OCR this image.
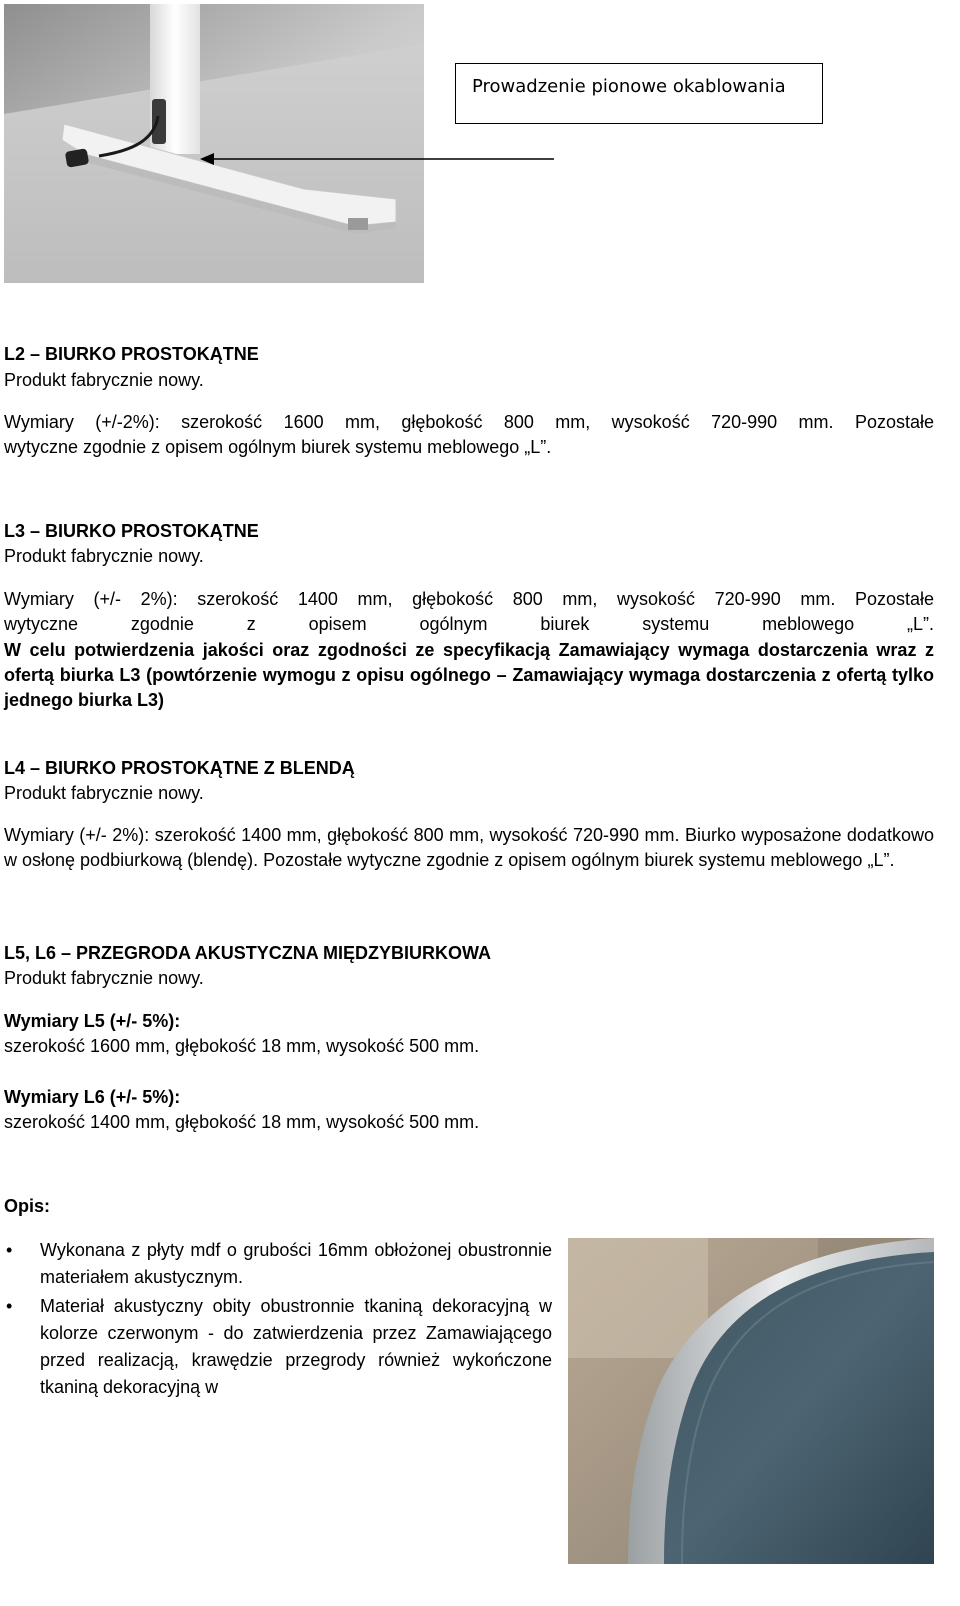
Prowadzenie pionowe okablowania

L2 – BIURKO PROSTOKĄTNE

Produkt fabrycznie nowy.

Wymiary (+/-2%): szerokość 1600 mm, głębokość 800 mm, wysokość 720-990 mm. Pozostałe

wytyczne zgodnie z opisem ogólnym biurek systemu meblowego „L”.

L3 – BIURKO PROSTOKĄTNE

Produkt fabrycznie nowy.

Wymiary (+/- 2%): szerokość 1400 mm, głębokość 800 mm, wysokość 720-990 mm. Pozostałe

wytyczne zgodnie z opisem ogólnym biurek systemu meblowego „L”.

W celu potwierdzenia jakości oraz zgodności ze specyfikacją Zamawiający wymaga dostarczenia wraz z ofertą biurka L3 (powtórzenie wymogu z opisu ogólnego – Zamawiający wymaga dostarczenia z ofertą tylko jednego biurka L3)

L4 – BIURKO PROSTOKĄTNE Z BLENDĄ

Produkt fabrycznie nowy.

Wymiary (+/- 2%): szerokość 1400 mm, głębokość 800 mm, wysokość 720-990 mm. Biurko wyposażone dodatkowo w osłonę podbiurkową (blendę). Pozostałe wytyczne zgodnie z opisem ogólnym biurek systemu meblowego „L”.

L5, L6 – PRZEGRODA AKUSTYCZNA MIĘDZYBIURKOWA

Produkt fabrycznie nowy.

Wymiary L5 (+/- 5%):

szerokość 1600 mm, głębokość 18 mm, wysokość 500 mm.

Wymiary L6 (+/- 5%):

szerokość 1400 mm, głębokość 18 mm, wysokość 500 mm.

Opis:

• Wykonana z płyty mdf o grubości 16mm obłożonej obustronnie materiałem akustycznym.
• Materiał akustyczny obity obustronnie tkaniną dekoracyjną w kolorze czerwonym - do zatwierdzenia przez Zamawiającego przed realizacją, krawędzie przegrody również wykończone tkaniną dekoracyjną w
